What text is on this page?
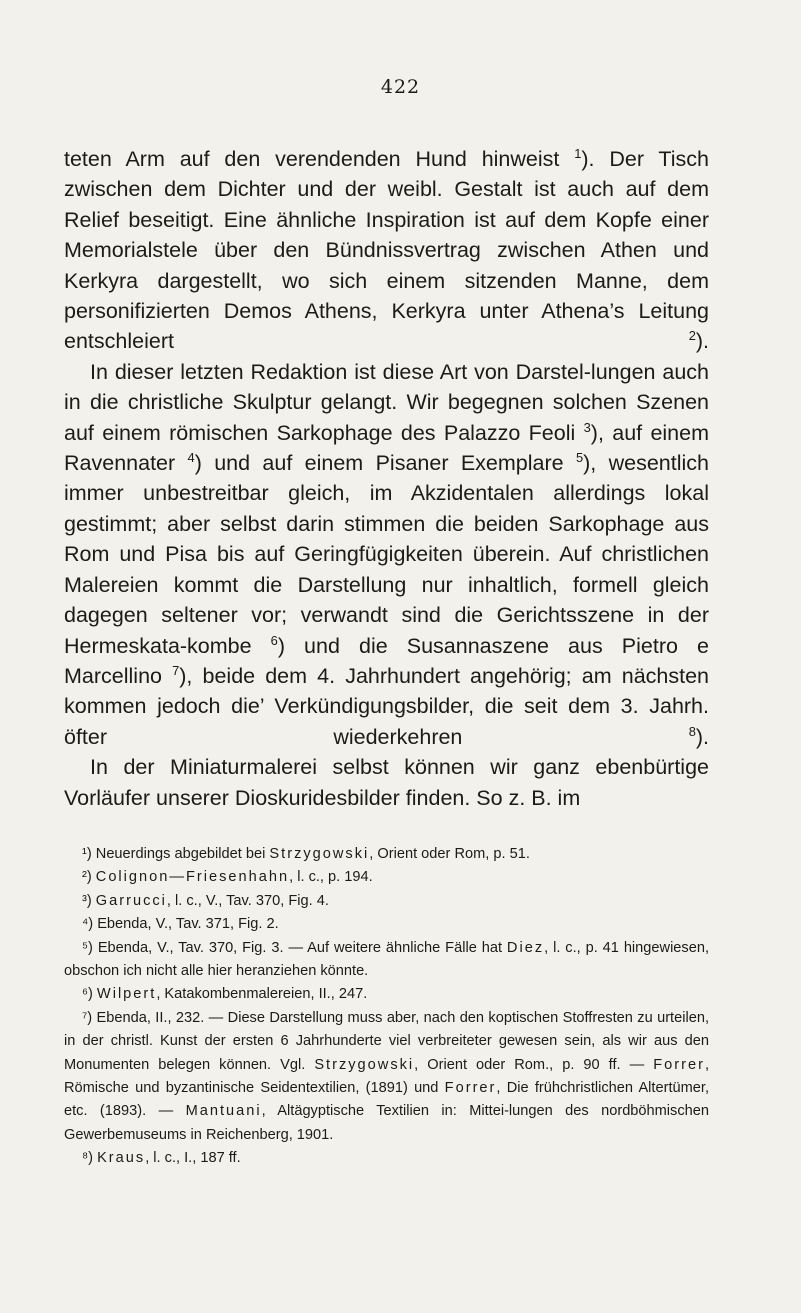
422

teten Arm auf den verendenden Hund hinweist $^1$). Der Tisch zwischen dem Dichter und der weibl. Gestalt ist auch auf dem Relief beseitigt. Eine ähnliche Inspiration ist auf dem Kopfe einer Memorialstele über den Bündnissvertrag zwischen Athen und Kerkyra dargestellt, wo sich einem sitzenden Manne, dem personifizierten Demos Athens, Kerkyra unter Athena’s Leitung entschleiert $^2$).

In dieser letzten Redaktion ist diese Art von Darstel-lungen auch in die christliche Skulptur gelangt. Wir begegnen solchen Szenen auf einem römischen Sarkophage des Palazzo Feoli $^3$), auf einem Ravennater $^4$) und auf einem Pisaner Exemplare $^5$), wesentlich immer unbestreitbar gleich, im Akzidentalen allerdings lokal gestimmt; aber selbst darin stimmen die beiden Sarkophage aus Rom und Pisa bis auf Geringfügigkeiten überein. Auf christlichen Malereien kommt die Darstellung nur inhaltlich, formell gleich dagegen seltener vor; verwandt sind die Gerichtsszene in der Hermeskata-kombe $^6$) und die Susannaszene aus Pietro e Marcellino $^7$), beide dem 4. Jahrhundert angehörig; am nächsten kommen jedoch die’ Verkündigungsbilder, die seit dem 3. Jahrh. öfter wiederkehren $^8$).

In der Miniaturmalerei selbst können wir ganz ebenbürtige Vorläufer unserer Dioskuridesbilder finden. So z. B. im

¹) Neuerdings abgebildet bei Strzygowski, Orient oder Rom, p. 51.

²) Colignon—Friesenhahn, l. c., p. 194.

³) Garrucci, l. c., V., Tav. 370, Fig. 4.

⁴) Ebenda, V., Tav. 371, Fig. 2.

⁵) Ebenda, V., Tav. 370, Fig. 3. — Auf weitere ähnliche Fälle hat Diez, l. c., p. 41 hingewiesen, obschon ich nicht alle hier heranziehen könnte.

⁶) Wilpert, Katakombenmalereien, II., 247.

⁷) Ebenda, II., 232. — Diese Darstellung muss aber, nach den koptischen Stoffresten zu urteilen, in der christl. Kunst der ersten 6 Jahrhunderte viel verbreiteter gewesen sein, als wir aus den Monumenten belegen können. Vgl. Strzygowski, Orient oder Rom., p. 90 ff. — Forrer, Römische und byzantinische Seidentextilien, (1891) und Forrer, Die frühchristlichen Altertümer, etc. (1893). — Mantuani, Altägyptische Textilien in: Mittei-lungen des nordböhmischen Gewerbemuseums in Reichenberg, 1901.

⁸) Kraus, l. c., I., 187 ff.
